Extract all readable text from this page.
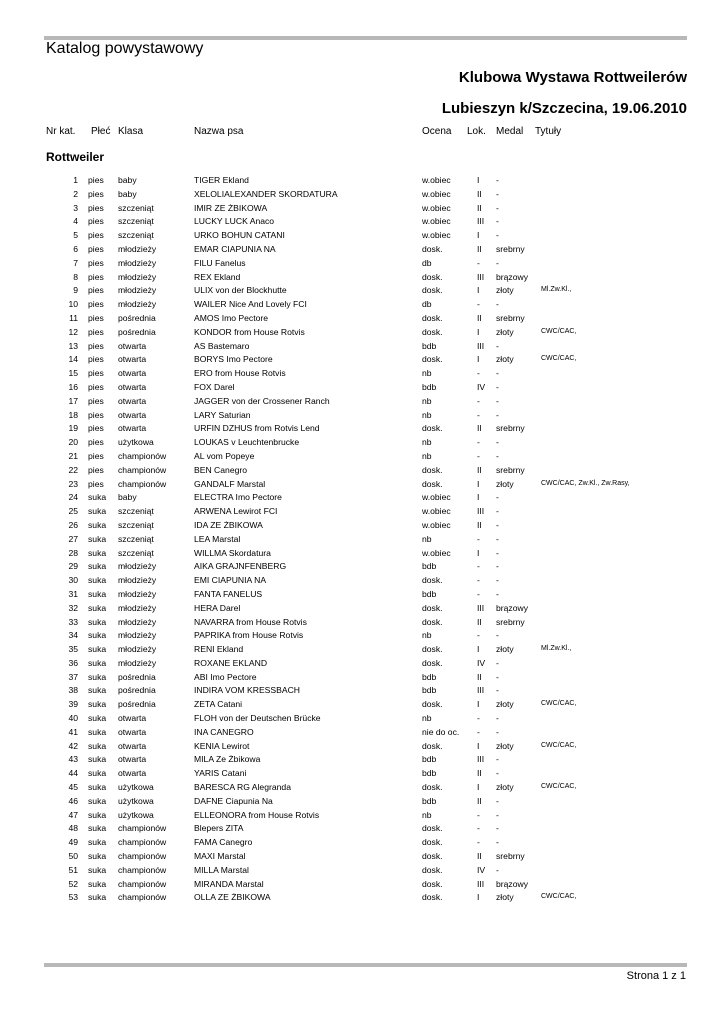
Katalog powystawowy
Klubowa Wystawa Rottweilerów
Lubieszyn k/Szczecina, 19.06.2010
Nr kat. Płeć Klasa	Nazwa psa	Ocena Lok. Medal Tytuły
Rottweiler
1 pies baby	TIGER Ekland	w.obiec	I -
2 pies baby	XELOLIALEXANDER SKORDATURA	w.obiec	II -
3 pies szczeniąt	IMIR ZE ŻBIKOWA	w.obiec	II -
4 pies szczeniąt	LUCKY LUCK Anaco	w.obiec	III -
5 pies szczeniąt	URKO BOHUN CATANI	w.obiec	I -
6 pies młodzieży	EMAR CIAPUNIA NA	dosk.	II srebrny
7 pies młodzieży	FILU Fanelus	db	- -
8 pies młodzieży	REX Ekland	dosk.	III brązowy
9 pies młodzieży	ULIX von der Blockhutte	dosk.	I złoty	Ml.Zw.Kl.,
10 pies młodzieży	WAILER Nice And Lovely FCI	db	- -
11 pies pośrednia	AMOS Imo Pectore	dosk.	II srebrny
12 pies pośrednia	KONDOR from House Rotvis	dosk.	I złoty	CWC/CAC,
13 pies otwarta	AS Bastemaro	bdb	III -
14 pies otwarta	BORYS Imo Pectore	dosk.	I złoty	CWC/CAC,
15 pies otwarta	ERO from House Rotvis	nb	- -
16 pies otwarta	FOX Darel	bdb	IV -
17 pies otwarta	JAGGER von der Crossener Ranch	nb	- -
18 pies otwarta	LARY Saturian	nb	- -
19 pies otwarta	URFIN DZHUS from Rotvis Lend	dosk.	II srebrny
20 pies użytkowa	LOUKAS v Leuchtenbrucke	nb	- -
21 pies championów	AL vom Popeye	nb	- -
22 pies championów	BEN Canegro	dosk.	II srebrny
23 pies championów	GANDALF Marstal	dosk.	I złoty	CWC/CAC, Zw.Kl., Zw.Rasy,
24 suka baby	ELECTRA Imo Pectore	w.obiec	I -
25 suka szczeniąt	ARWENA Lewirot FCI	w.obiec	III -
26 suka szczeniąt	IDA ZE ŻBIKOWA	w.obiec	II -
27 suka szczeniąt	LEA Marstal	nb	- -
28 suka szczeniąt	WILLMA Skordatura	w.obiec	I -
29 suka młodzieży	AIKA GRAJNFENBERG	bdb	- -
30 suka młodzieży	EMI CIAPUNIA NA	dosk.	- -
31 suka młodzieży	FANTA FANELUS	bdb	- -
32 suka młodzieży	HERA Darel	dosk.	III brązowy
33 suka młodzieży	NAVARRA from House Rotvis	dosk.	II srebrny
34 suka młodzieży	PAPRIKA from House Rotvis	nb	- -
35 suka młodzieży	RENI Ekland	dosk.	I złoty	Ml.Zw.Kl.,
36 suka młodzieży	ROXANE EKLAND	dosk.	IV -
37 suka pośrednia	ABI Imo Pectore	bdb	II -
38 suka pośrednia	INDIRA VOM KRESSBACH	bdb	III -
39 suka pośrednia	ZETA Catani	dosk.	I złoty	CWC/CAC,
40 suka otwarta	FLOH von der Deutschen Brücke	nb	- -
41 suka otwarta	INA CANEGRO	nie do oc. - -
42 suka otwarta	KENIA Lewirot	dosk.	I złoty	CWC/CAC,
43 suka otwarta	MILA Ze Żbikowa	bdb	III -
44 suka otwarta	YARIS Catani	bdb	II -
45 suka użytkowa	BARESCA RG Alegranda	dosk.	I złoty	CWC/CAC,
46 suka użytkowa	DAFNE Ciapunia Na	bdb	II -
47 suka użytkowa	ELLEONORA from House Rotvis	nb	- -
48 suka championów	Blepers ZITA	dosk.	- -
49 suka championów	FAMA Canegro	dosk.	- -
50 suka championów	MAXI Marstal	dosk.	II srebrny
51 suka championów	MILLA Marstal	dosk.	IV -
52 suka championów	MIRANDA Marstal	dosk.	III brązowy
53 suka championów	OLLA ZE ŻBIKOWA	dosk.	I złoty	CWC/CAC,
Strona 1 z 1
